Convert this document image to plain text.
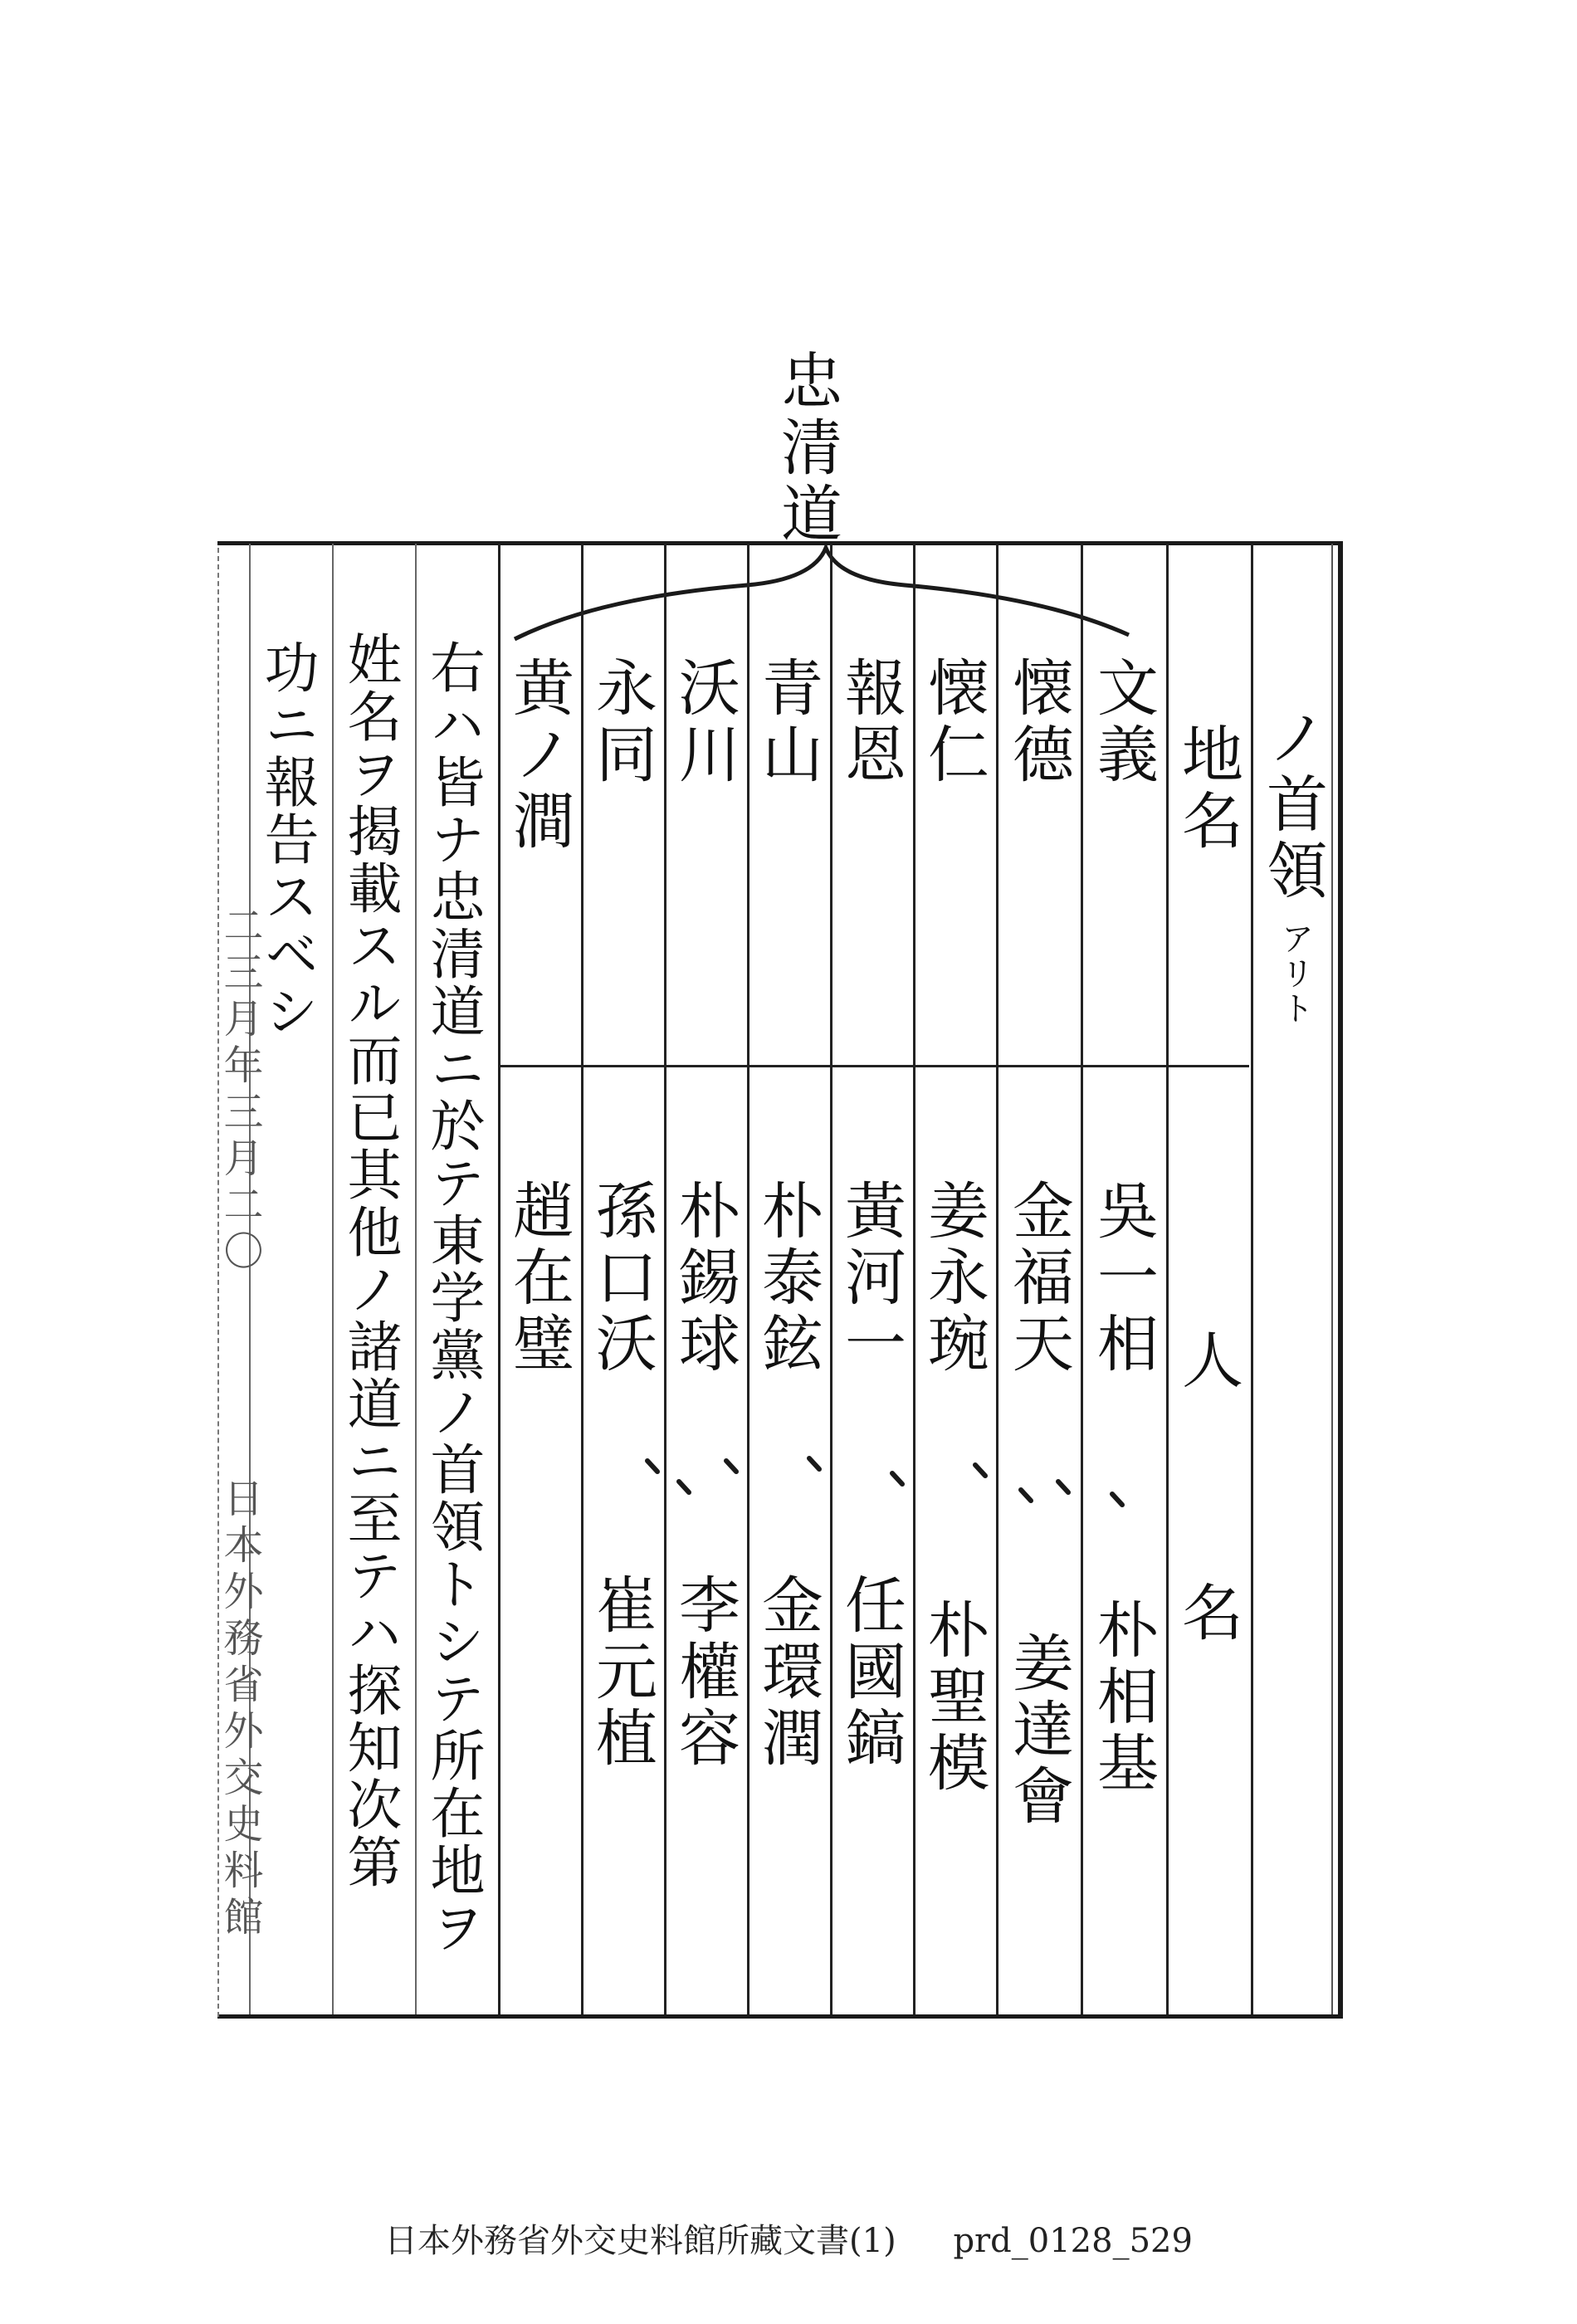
忠清道
ノ首領
アリト
地名
人名
文義
懐德
懐仁
報恩
青山
沃川
永同
黄ノ澗
吳一相
金福天
姜永琬
黃河一
朴泰鉉
朴錫球
孫口沃
趙在璧
朴相基
姜達會
朴聖模
任國鎬
金環潤
李權容
崔元植
右ハ皆ナ忠清道ニ於テ東学黨ノ首領トシテ所在地ヲ
姓名ヲ揭載スル而已其他ノ諸道ニ至テハ探知次第
功ニ報告スベシ
二三月年三月二〇
日本外務省外交史料館
日本外務省外交史料館所藏文書(1) prd_0128_529
